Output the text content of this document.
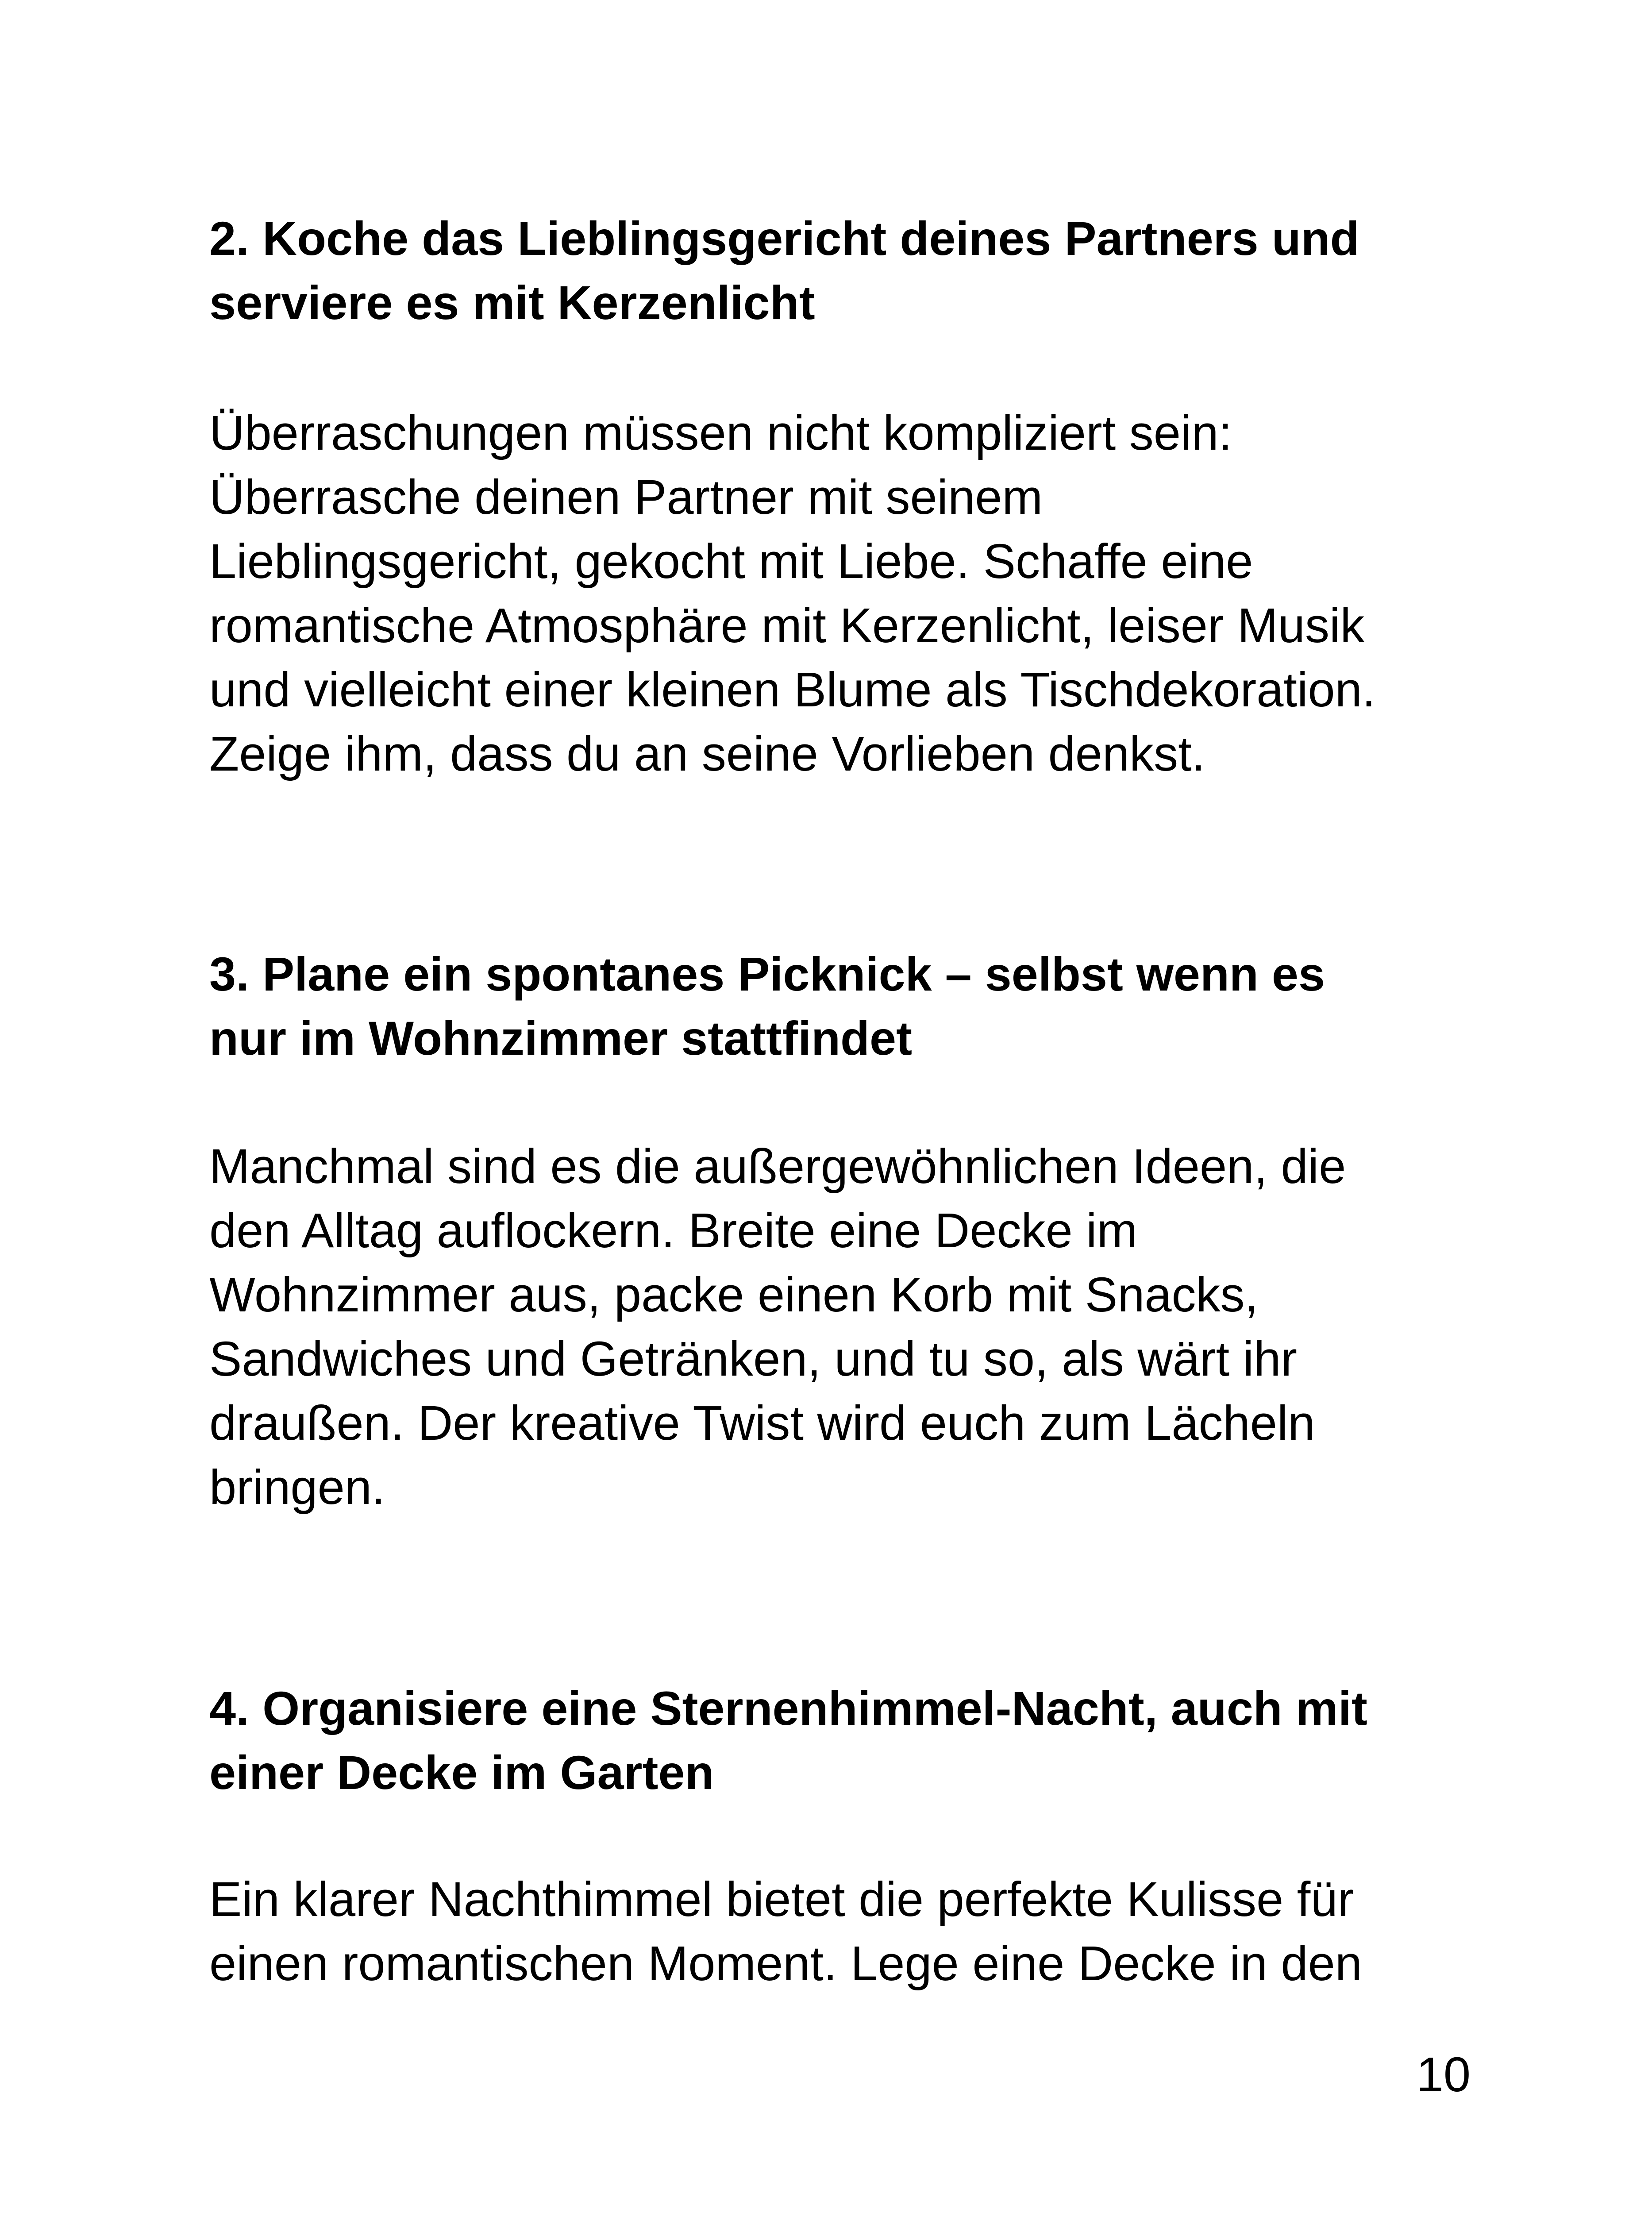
2. Koche das Lieblingsgericht deines Partners und
serviere es mit Kerzenlicht

Überraschungen müssen nicht kompliziert sein:
Überrasche deinen Partner mit seinem
Lieblingsgericht, gekocht mit Liebe. Schaffe eine
romantische Atmosphäre mit Kerzenlicht, leiser Musik
und vielleicht einer kleinen Blume als Tischdekoration.
Zeige ihm, dass du an seine Vorlieben denkst.

3. Plane ein spontanes Picknick – selbst wenn es
nur im Wohnzimmer stattfindet

Manchmal sind es die außergewöhnlichen Ideen, die
den Alltag auflockern. Breite eine Decke im
Wohnzimmer aus, packe einen Korb mit Snacks,
Sandwiches und Getränken, und tu so, als wärt ihr
draußen. Der kreative Twist wird euch zum Lächeln
bringen.

4. Organisiere eine Sternenhimmel-Nacht, auch mit
einer Decke im Garten

Ein klarer Nachthimmel bietet die perfekte Kulisse für
einen romantischen Moment. Lege eine Decke in den

10
